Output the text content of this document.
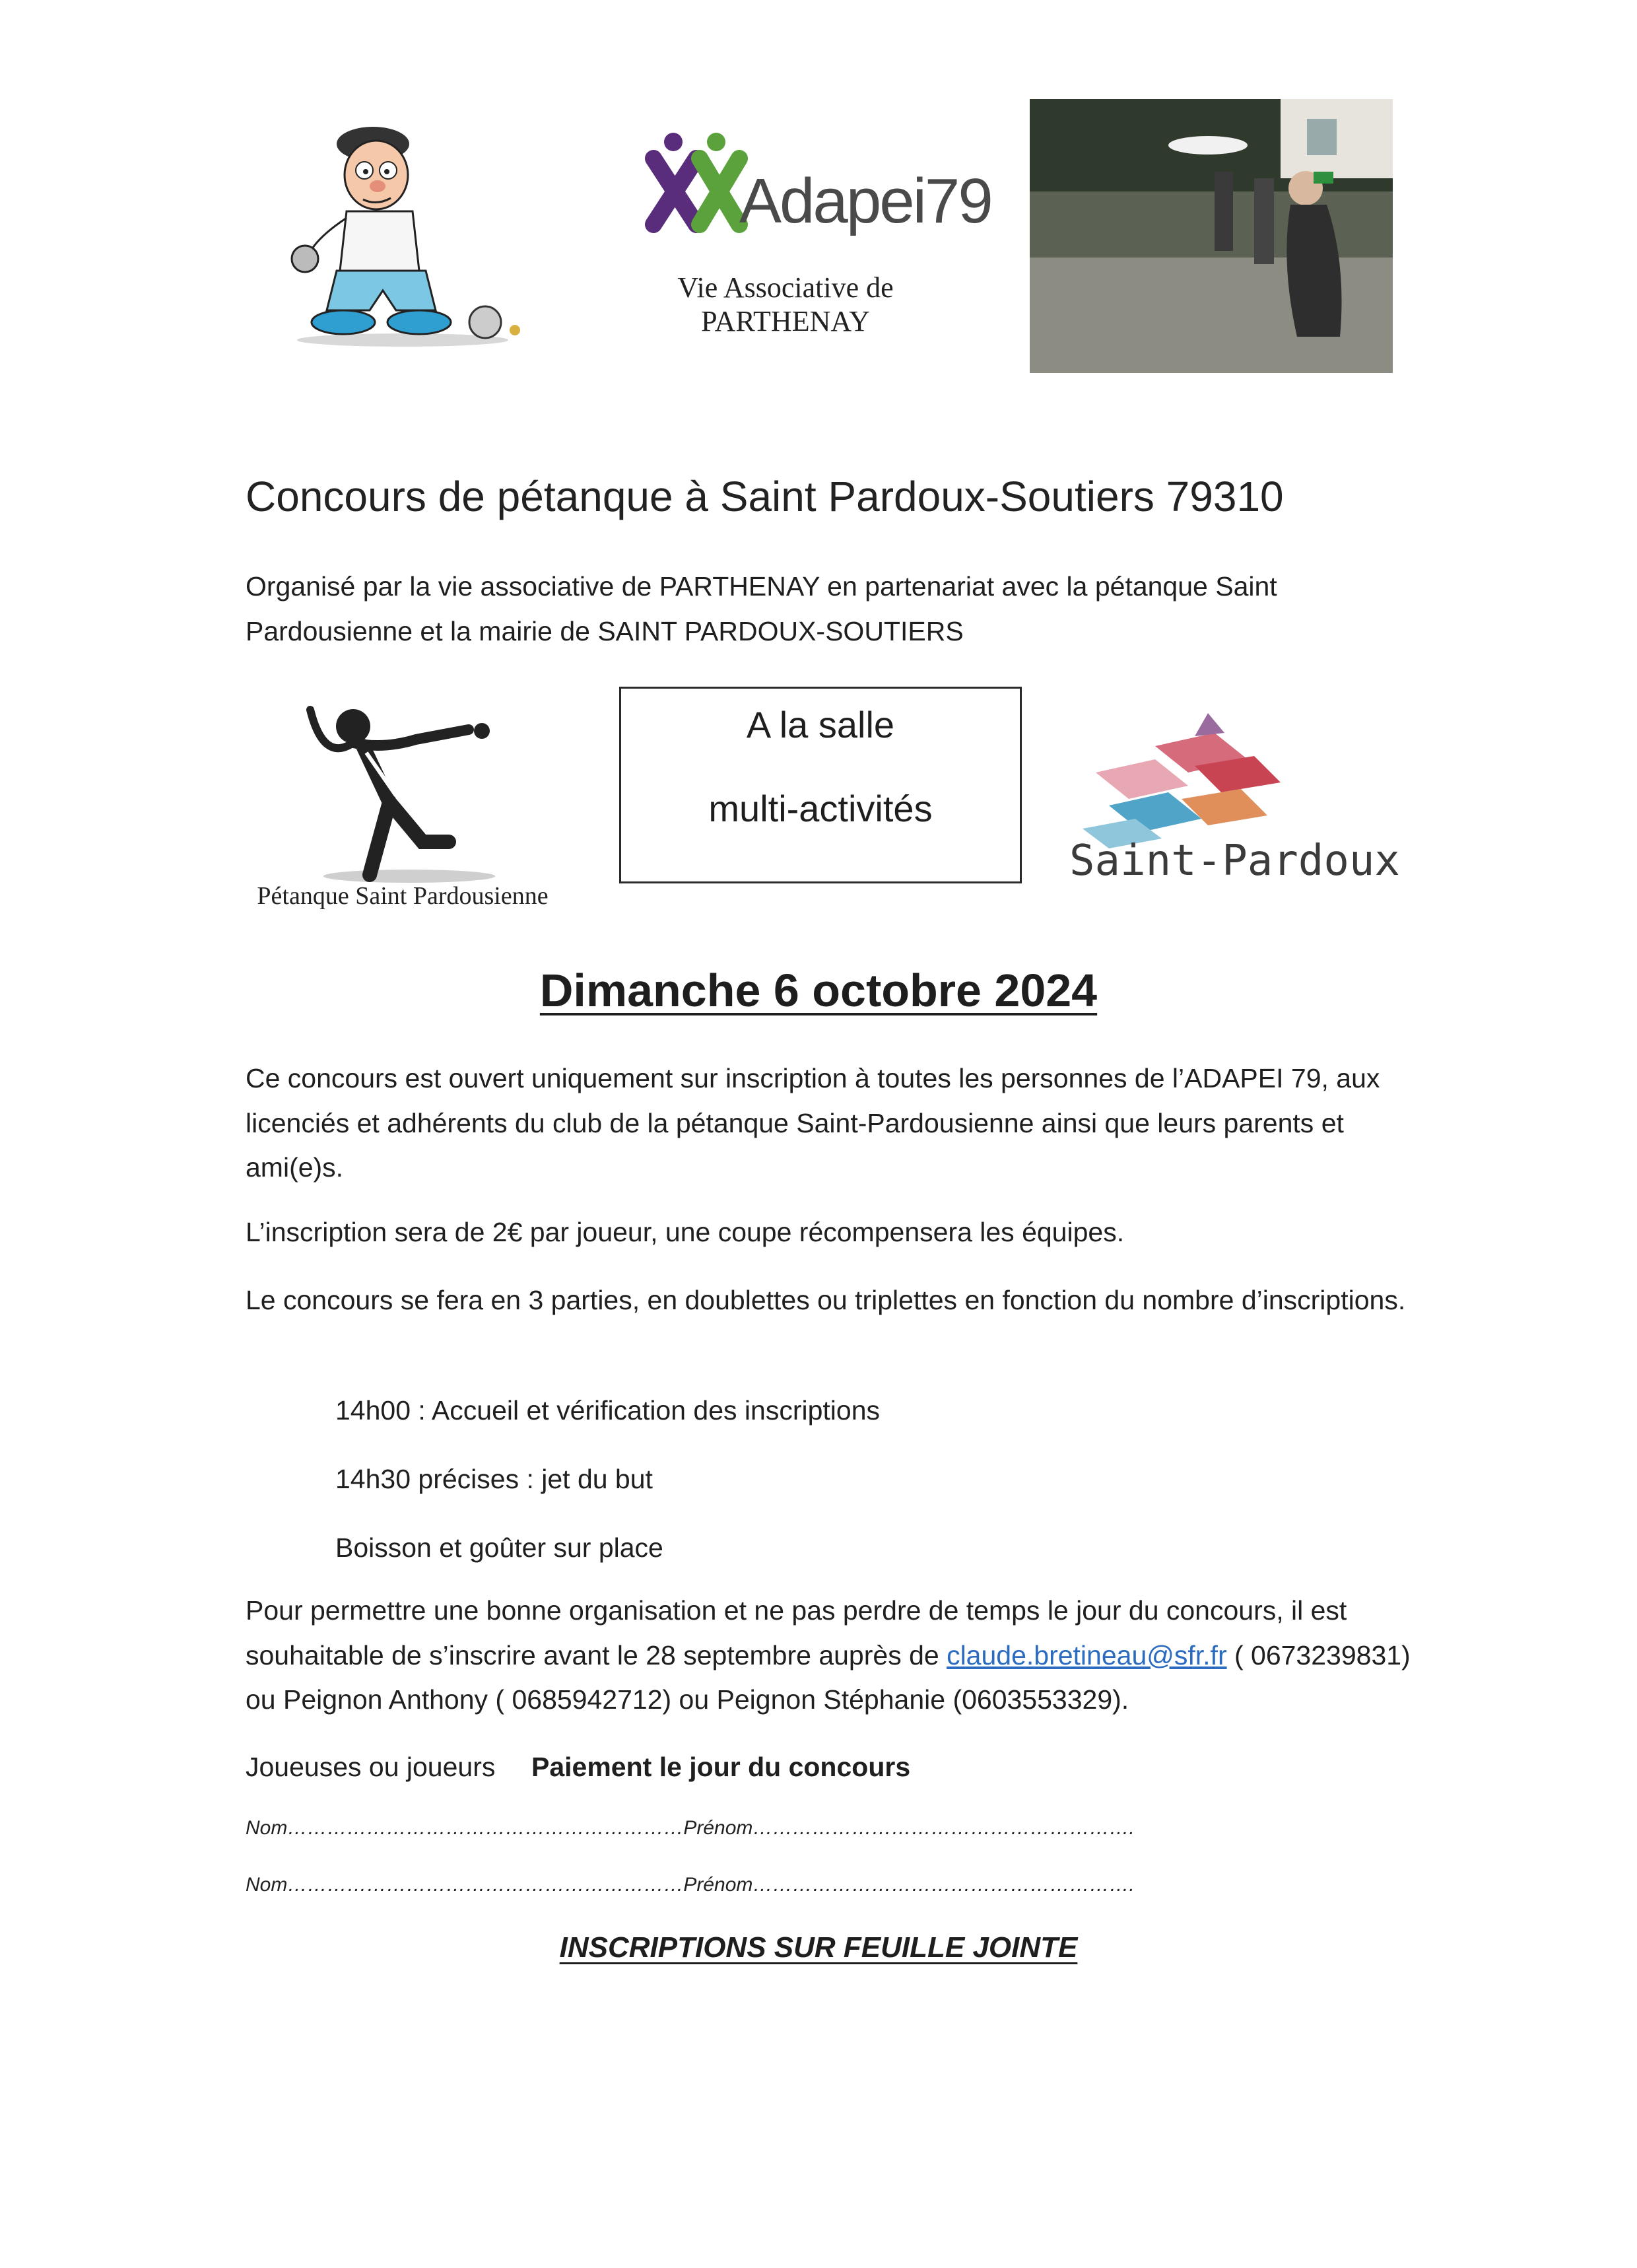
Adapei79
Vie Associative de PARTHENAY
Concours de pétanque à Saint Pardoux-Soutiers 79310
Organisé par la vie associative de PARTHENAY en partenariat avec la pétanque Saint Pardousienne et la mairie de SAINT PARDOUX-SOUTIERS
Pétanque Saint Pardousienne
A la salle
multi-activités
Saint-Pardoux
Dimanche 6 octobre 2024
Ce concours est ouvert uniquement sur inscription à toutes les personnes de l’ADAPEI 79, aux licenciés et adhérents du club de la pétanque Saint-Pardousienne ainsi que leurs parents et ami(e)s.
L’inscription sera de 2€ par joueur, une coupe récompensera les équipes.
Le concours se fera en 3 parties, en doublettes ou triplettes en fonction du nombre d’inscriptions.
14h00 : Accueil et vérification des inscriptions
14h30 précises : jet du but
Boisson et goûter sur place
Pour permettre une bonne organisation et ne pas perdre de temps le jour du concours, il est souhaitable de s’inscrire avant le 28 septembre auprès de claude.bretineau@sfr.fr ( 0673239831) ou Peignon Anthony ( 0685942712) ou Peignon Stéphanie (0603553329).
Joueuses ou joueurs Paiement le jour du concours
Nom……………………………………………………Prénom………………………………………………….
Nom……………………………………………………Prénom………………………………………………….
INSCRIPTIONS SUR FEUILLE JOINTE
